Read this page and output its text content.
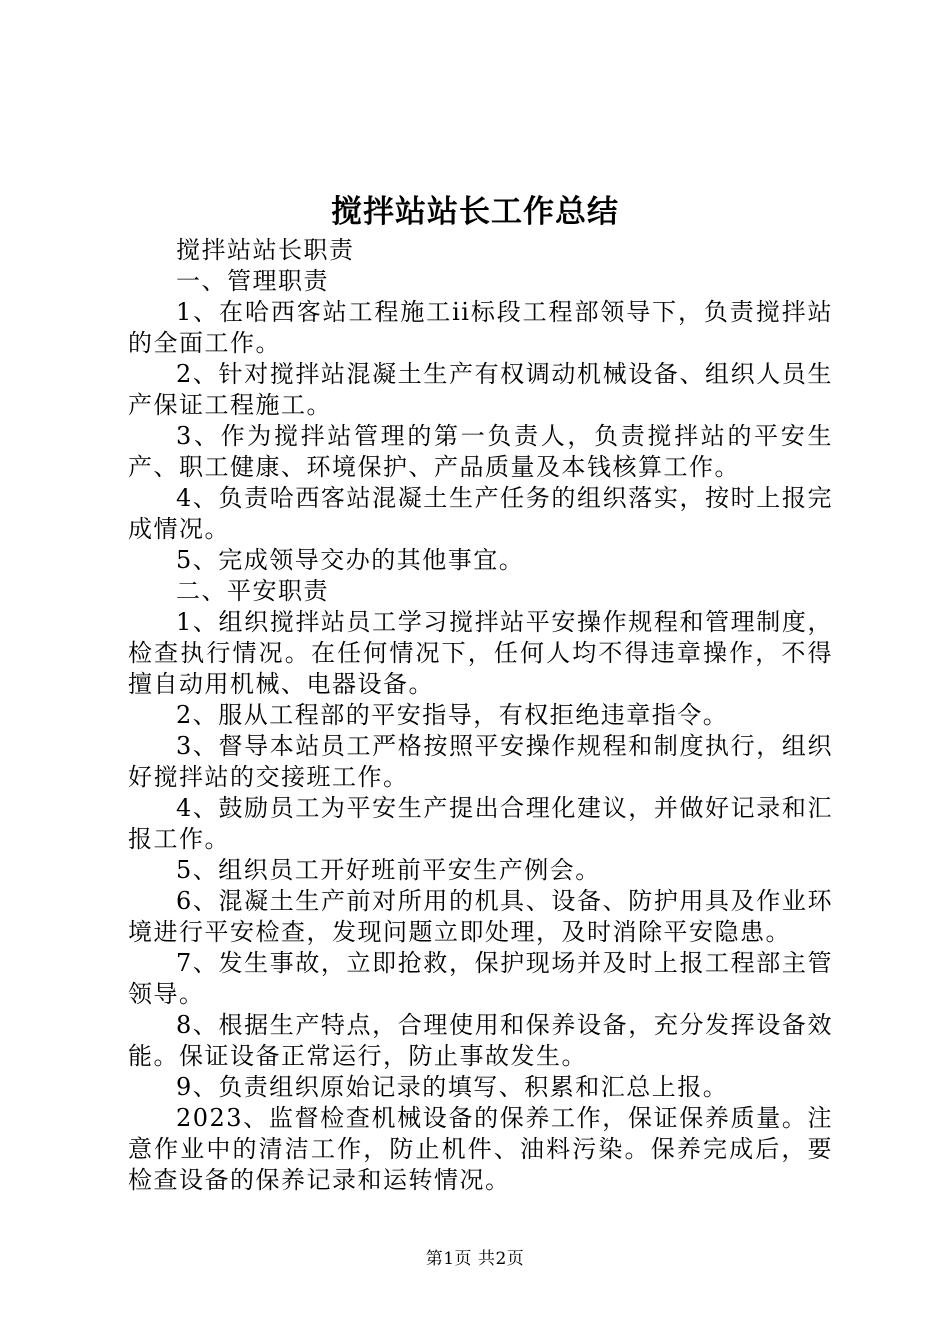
搅拌站站长工作总结

搅拌站站长职责

一、管理职责

1、在哈西客站工程施工ii标段工程部领导下，负责搅拌站的全面工作。

2、针对搅拌站混凝土生产有权调动机械设备、组织人员生产保证工程施工。

3、作为搅拌站管理的第一负责人，负责搅拌站的平安生产、职工健康、环境保护、产品质量及本钱核算工作。

4、负责哈西客站混凝土生产任务的组织落实，按时上报完成情况。

5、完成领导交办的其他事宜。

二、平安职责

1、组织搅拌站员工学习搅拌站平安操作规程和管理制度，检查执行情况。在任何情况下，任何人均不得违章操作，不得擅自动用机械、电器设备。

2、服从工程部的平安指导，有权拒绝违章指令。

3、督导本站员工严格按照平安操作规程和制度执行，组织好搅拌站的交接班工作。

4、鼓励员工为平安生产提出合理化建议，并做好记录和汇报工作。

5、组织员工开好班前平安生产例会。

6、混凝土生产前对所用的机具、设备、防护用具及作业环境进行平安检查，发现问题立即处理，及时消除平安隐患。

7、发生事故，立即抢救，保护现场并及时上报工程部主管领导。

8、根据生产特点，合理使用和保养设备，充分发挥设备效能。保证设备正常运行，防止事故发生。

9、负责组织原始记录的填写、积累和汇总上报。

2023、监督检查机械设备的保养工作，保证保养质量。注意作业中的清洁工作，防止机件、油料污染。保养完成后，要检查设备的保养记录和运转情况。

第1页 共2页
